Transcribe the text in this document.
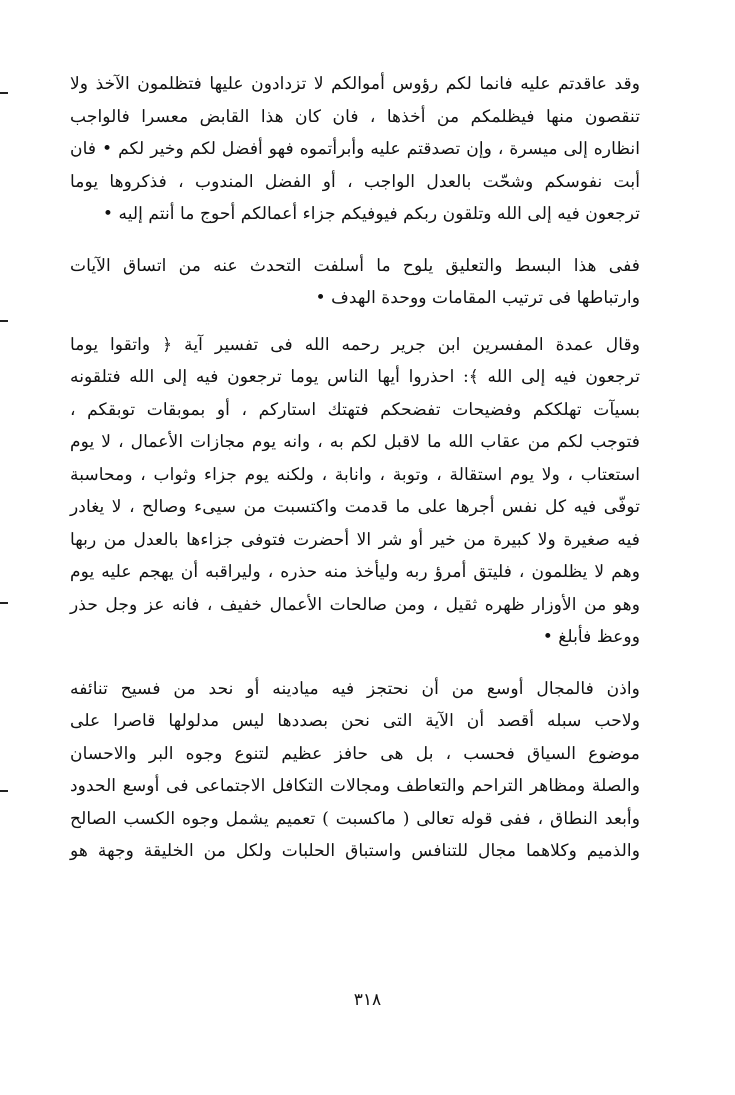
وقد عاقدتم عليه فانما لكم رؤوس أموالكم لا تزدادون عليها فتظلمون الآخذ ولا
تنقصون منها فيظلمكم من أخذها ، فان كان هذا القابض معسرا فالواجب
انظاره إلى ميسرة ، وإن تصدقتم عليه وأبرأتموه فهو أفضل لكم وخير لكم • فان
أبت نفوسكم وشحّت بالعدل الواجب ، أو الفضل المندوب ، فذكروها يوما
ترجعون فيه إلى الله وتلقون ربكم فيوفيكم جزاء أعمالكم أحوج ما أنتم إليه •

ففى هذا البسط والتعليق يلوح ما أسلفت التحدث عنه من اتساق الآيات
وارتباطها فى ترتيب المقامات ووحدة الهدف •

وقال عمدة المفسرين ابن جرير رحمه الله فى تفسير آية ﴿ واتقوا يوما
ترجعون فيه إلى الله ﴾: احذروا أيها الناس يوما ترجعون فيه إلى الله فتلقونه
بسيآت تهلككم وفضيحات تفضحكم فتهتك استاركم ، أو بموبقات توبقكم ،
فتوجب لكم من عقاب الله ما لاقبل لكم به ، وانه يوم مجازات الأعمال ، لا يوم
استعتاب ، ولا يوم استقالة ، وتوبة ، وانابة ، ولكنه يوم جزاء وثواب ، ومحاسبة
توفّى فيه كل نفس أجرها على ما قدمت واكتسبت من سيىء وصالح ، لا يغادر
فيه صغيرة ولا كبيرة من خير أو شر الا أحضرت فتوفى جزاءها بالعدل من ربها
وهم لا يظلمون ، فليتق أمرؤ ربه وليأخذ منه حذره ، وليراقبه أن يهجم عليه يوم
وهو من الأوزار ظهره ثقيل ، ومن صالحات الأعمال خفيف ، فانه عز وجل حذر
ووعظ فأبلغ •

واذن فالمجال أوسع من أن نحتجز فيه ميادينه أو نحد من فسيح تنائفه
ولاحب سبله أقصد أن الآية التى نحن بصددها ليس مدلولها قاصرا على
موضوع السياق فحسب ، بل هى حافز عظيم لتنوع وجوه البر والاحسان
والصلة ومظاهر التراحم والتعاطف ومجالات التكافل الاجتماعى فى أوسع الحدود
وأبعد النطاق ، ففى قوله تعالى ( ماكسبت ) تعميم يشمل وجوه الكسب الصالح
والذميم وكلاهما مجال للتنافس واستباق الحلبات ولكل من الخليقة وجهة هو

٣١٨
